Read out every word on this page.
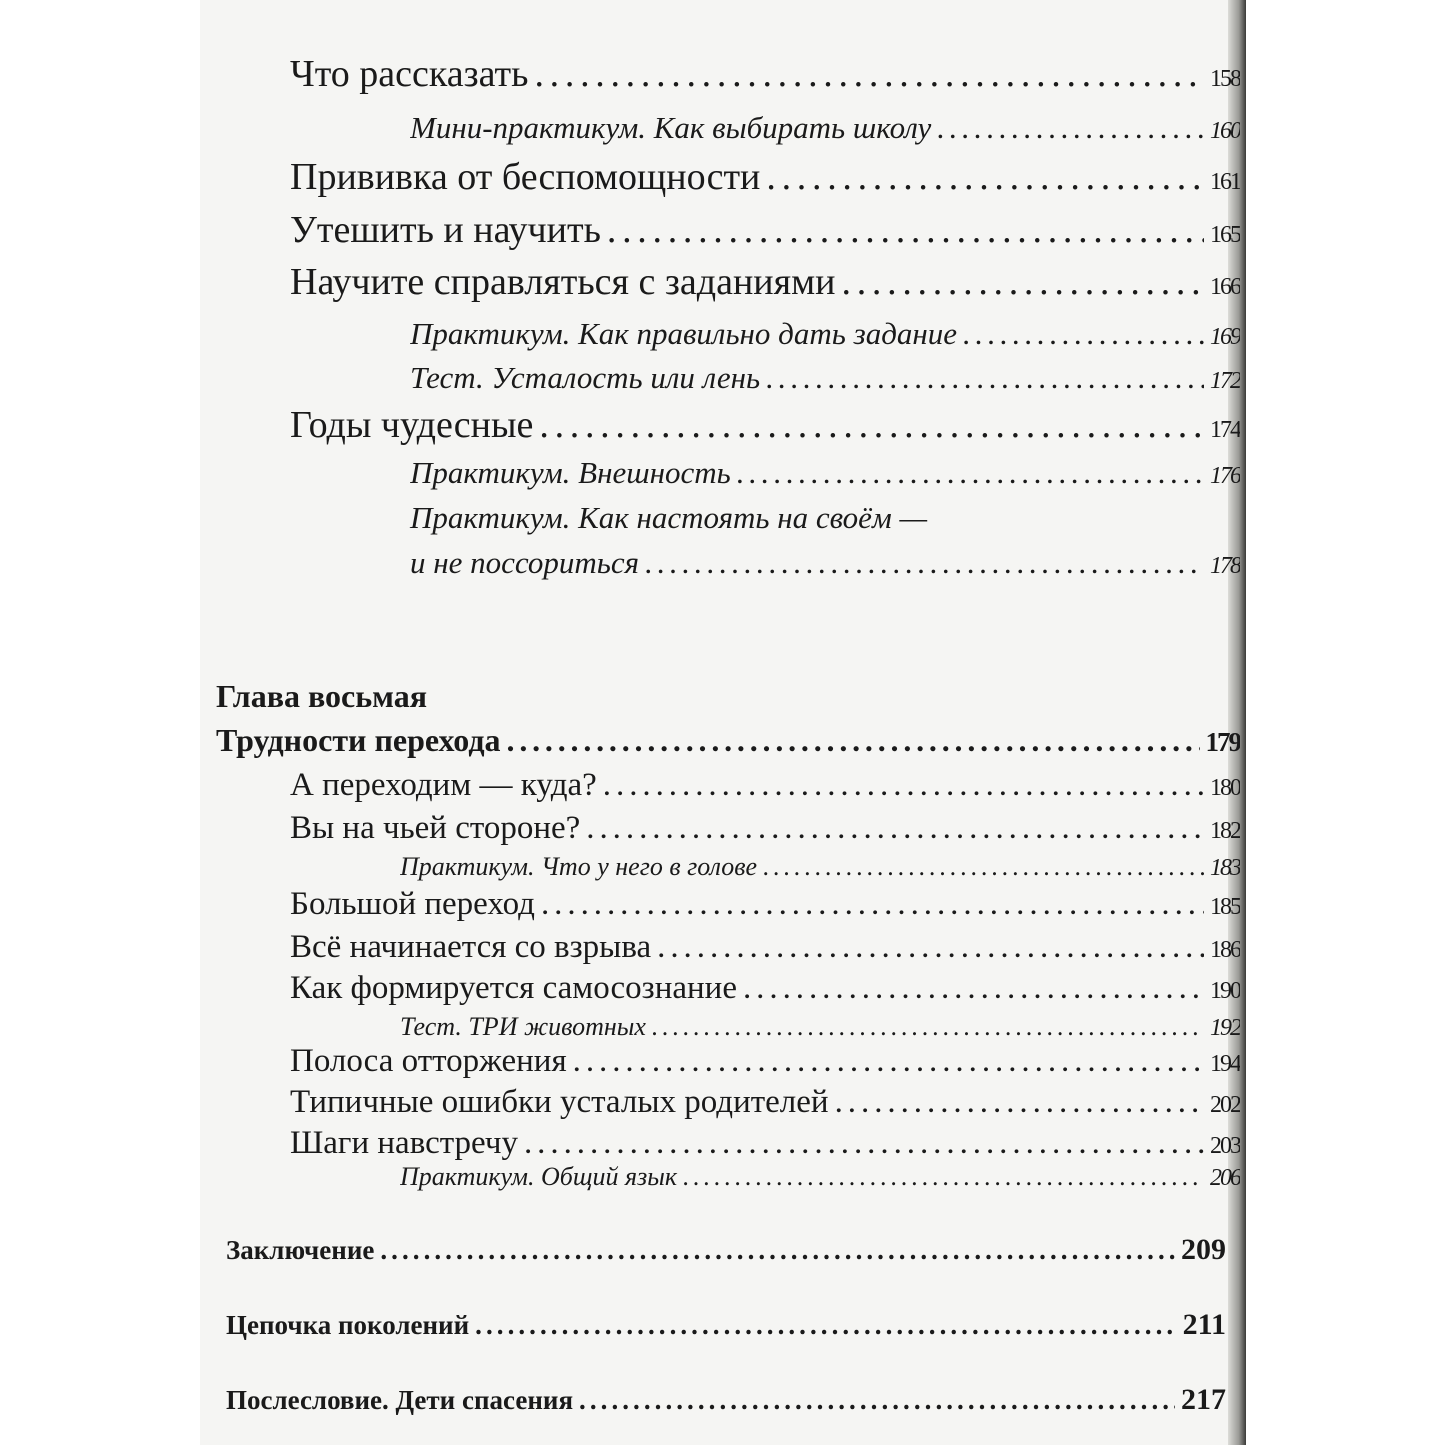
Что рассказать . . .	158
Мини-практикум. Как выбирать школу . . .	160
Прививка от беспомощности . . .	161
Утешить и научить . . .	165
Научите справляться с заданиями . . .	166
Практикум. Как правильно дать задание . . .	169
Тест. Усталость или лень . . .	172
Годы чудесные . . .	174
Практикум. Внешность . . .	176
Практикум. Как настоять на своём —
и не поссориться . . .	178
Глава восьмая
Трудности перехода . . .	179
А переходим — куда? . . .	180
Вы на чьей стороне? . . .	182
Практикум. Что у него в голове . . .	183
Большой переход . . .	185
Всё начинается со взрыва . . .	186
Как формируется самосознание . . .	190
Тест. ТРИ животных . . .	192
Полоса отторжения . . .	194
Типичные ошибки усталых родителей . . .	202
Шаги навстречу . . .	203
Практикум. Общий язык . . .	206
Заключение . . .	209
Цепочка поколений . . .	211
Послесловие. Дети спасения . . .	217
